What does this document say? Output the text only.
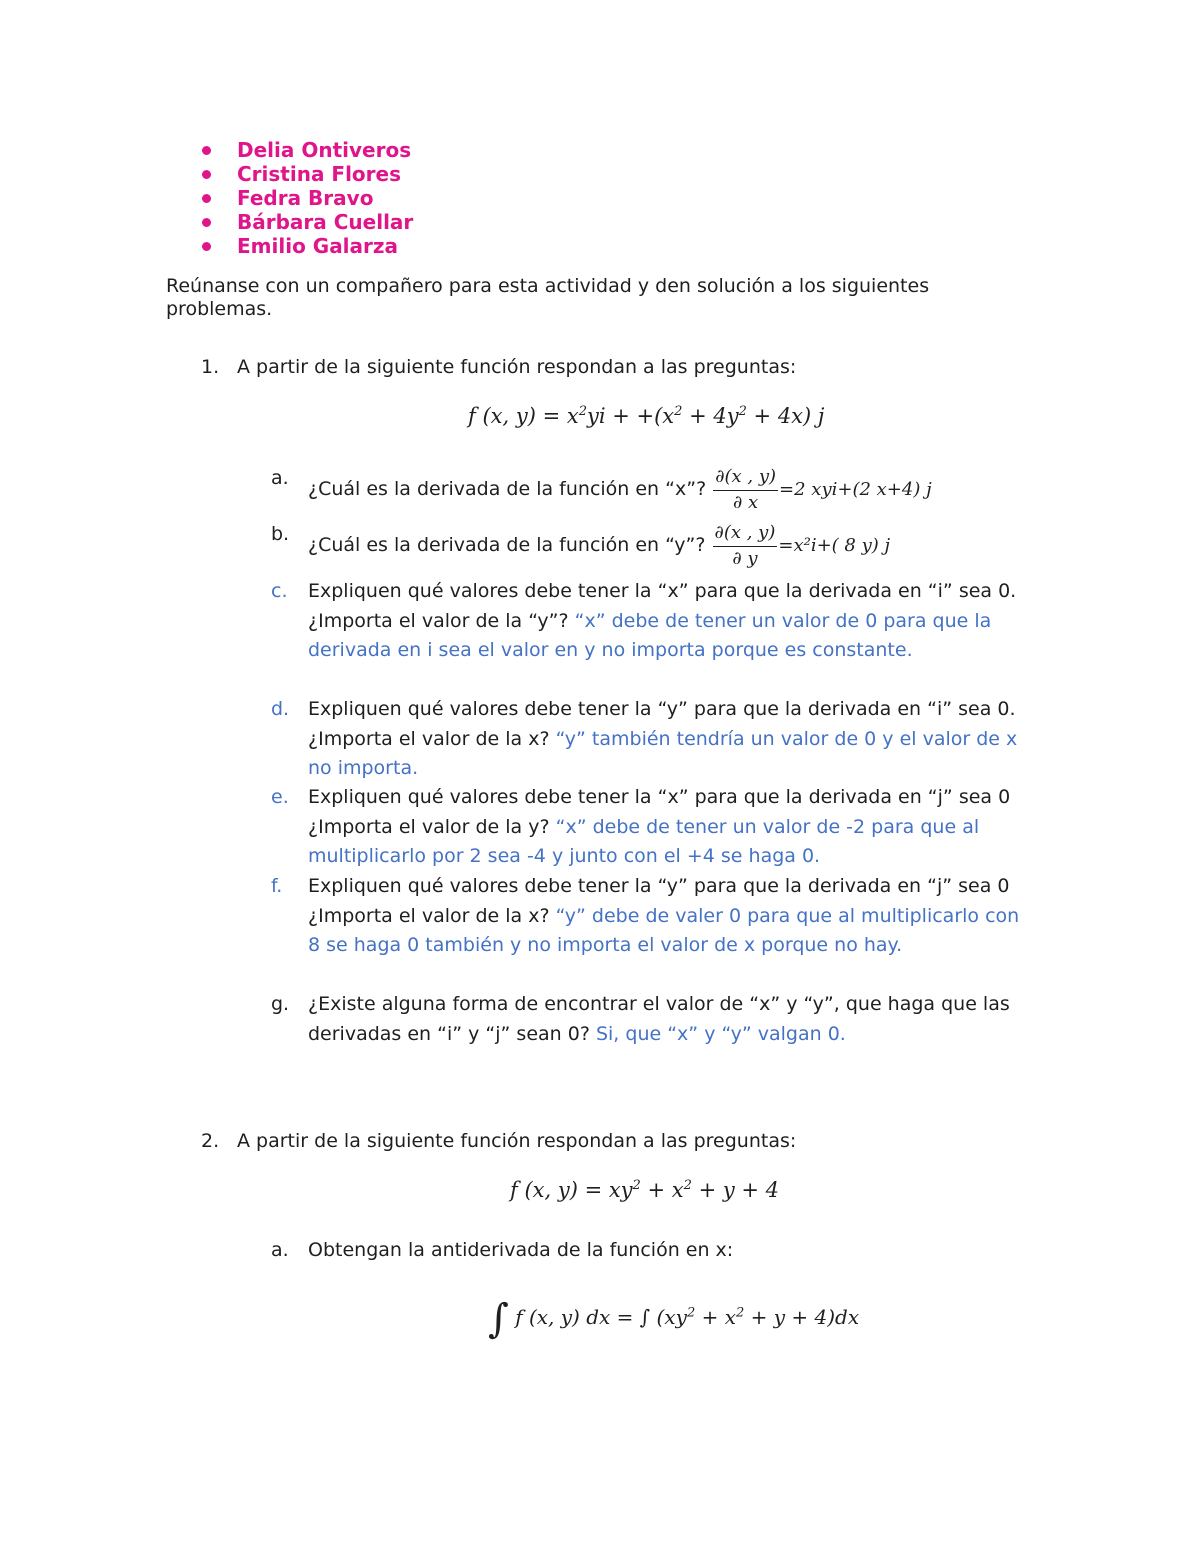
Delia Ontiveros
Cristina Flores
Fedra Bravo
Bárbara Cuellar
Emilio Galarza

Reúnanse con un compañero para esta actividad y den solución a los siguientes problemas.

1. A partir de la siguiente función respondan a las preguntas:

f (x, $y) = x^2yi + +(x^2 + 4y^2 + 4x)$ j

a.	¿Cuál es la derivada de la función en “x”? $\frac{\partial(x , y)}{\partial x} =2$ xyi+(2 x+4) j

b. ¿Cuál es la derivada de la función en “y”? $\frac{\partial(x , y)}{\partial y} =x^2i+$( 8 y) j

c.	Expliquen qué valores debe tener la “x” para que la derivada en “i” sea 0. ¿Importa el valor de la “y”? “x” debe de tener un valor de 0 para que la derivada en i sea el valor en y no importa porque es constante.

d. Expliquen qué valores debe tener la “y” para que la derivada en “i” sea 0. ¿Importa el valor de la x? “y” también tendría un valor de 0 y el valor de x no importa.

e.	Expliquen qué valores debe tener la “x” para que la derivada en “j” sea 0 ¿Importa el valor de la y? “x” debe de tener un valor de -2 para que al multiplicarlo por 2 sea -4 y junto con el +4 se haga 0.

f.	Expliquen qué valores debe tener la “y” para que la derivada en “j” sea 0 ¿Importa el valor de la x? “y” debe de valer 0 para que al multiplicarlo con 8 se haga 0 también y no importa el valor de x porque no hay.

g. ¿Existe alguna forma de encontrar el valor de “x” y “y”, que haga que las derivadas en “i” y “j” sean 0? Si, que “x” y “y” valgan 0.

2. A partir de la siguiente función respondan a las preguntas:

f (x, $y) = xy^2 + x^2 + y + 4$

a.	Obtengan la antiderivada de la función en x:

∫ f (x, y) dx = ∫ $(xy^2 + x^2 + y + 4)dx$
